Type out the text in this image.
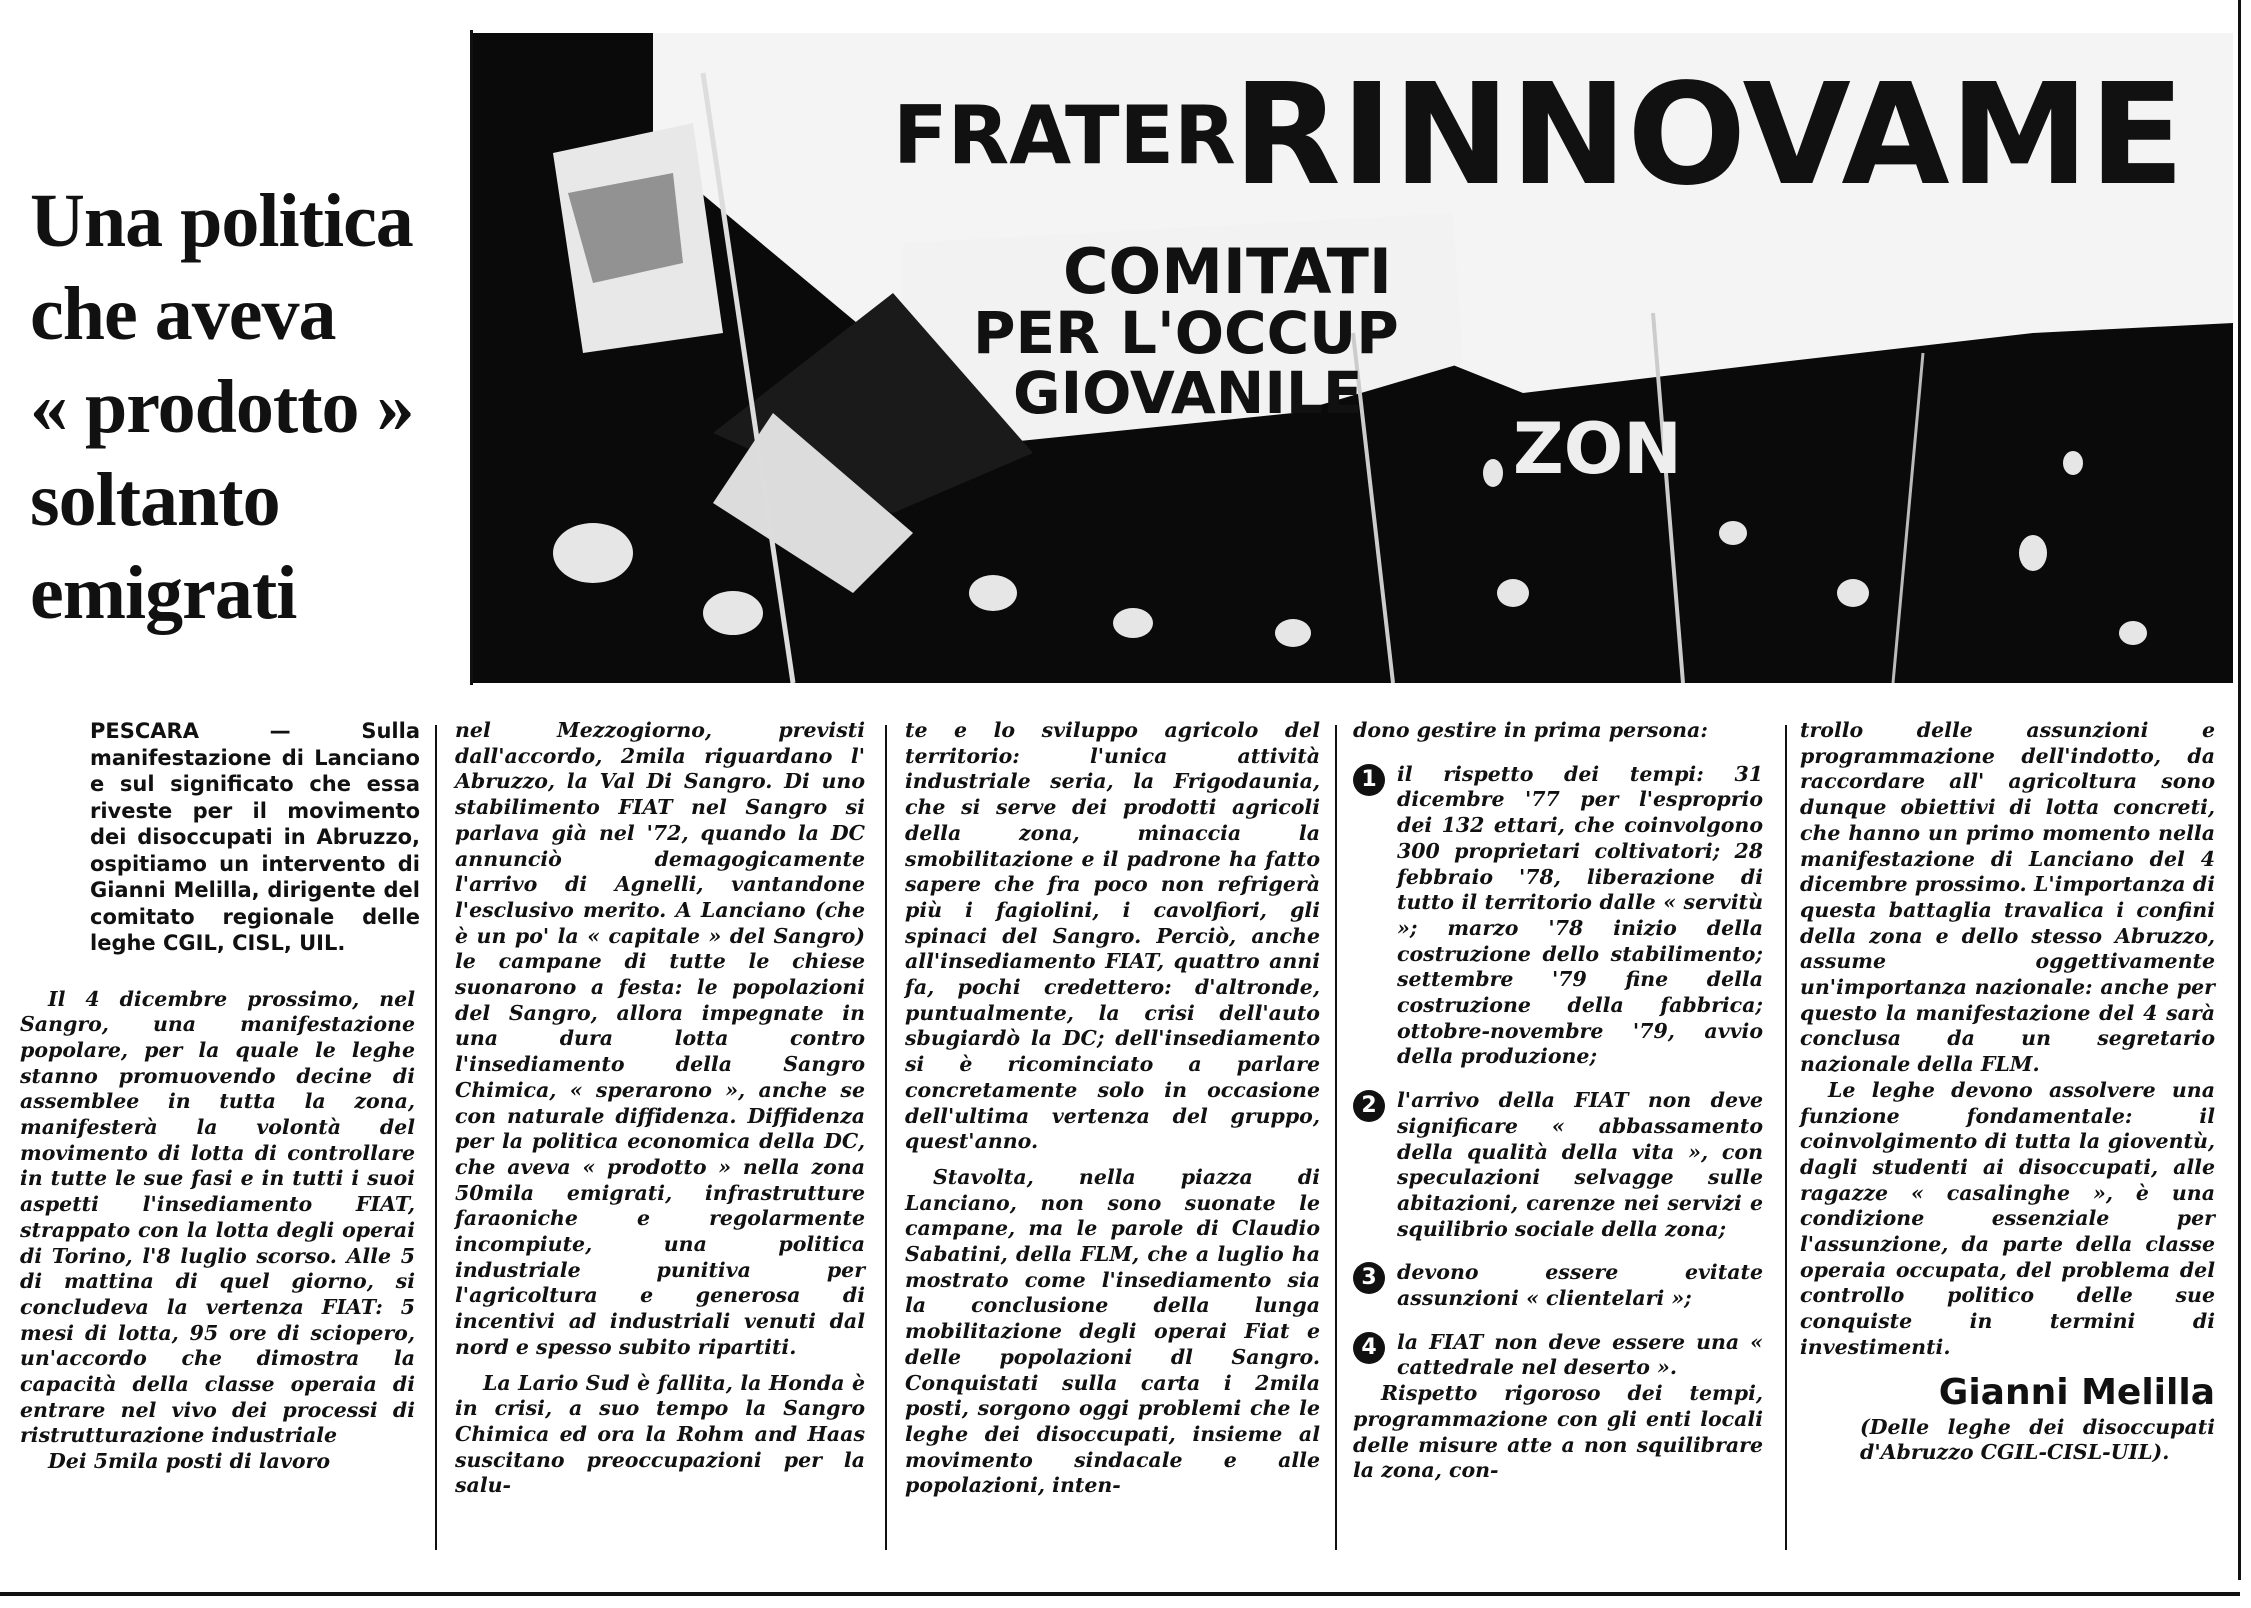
Una politica
che aveva
« prodotto »
soltanto
emigrati
FRATER
RINNOVAME
COMITATI
PER L'OCCUP
GIOVANILE
ZON

PESCARA — Sulla manifestazione di Lanciano e sul significato che essa riveste per il movimento dei disoccupati in Abruzzo, ospitiamo un intervento di Gianni Melilla, dirigente del comitato regionale delle leghe CGIL, CISL, UIL.

Il 4 dicembre prossimo, nel Sangro, una manifestazione popolare, per la quale le leghe stanno promuovendo decine di assemblee in tutta la zona, manifesterà la volontà del movimento di lotta di controllare in tutte le sue fasi e in tutti i suoi aspetti l'insediamento FIAT, strappato con la lotta degli operai di Torino, l'8 luglio scorso. Alle 5 di mattina di quel giorno, si concludeva la vertenza FIAT: 5 mesi di lotta, 95 ore di sciopero, un'accordo che dimostra la capacità della classe operaia di entrare nel vivo dei processi di ristrutturazione industriale

Dei 5mila posti di lavoro

nel Mezzogiorno, previsti dall'accordo, 2mila riguardano l' Abruzzo, la Val Di Sangro. Di uno stabilimento FIAT nel Sangro si parlava già nel '72, quando la DC annunciò demagogicamente l'arrivo di Agnelli, vantandone l'esclusivo merito. A Lanciano (che è un po' la « capitale » del Sangro) le campane di tutte le chiese suonarono a festa: le popolazioni del Sangro, allora impegnate in una dura lotta contro l'insediamento della Sangro Chimica, « sperarono », anche se con naturale diffidenza. Diffidenza per la politica economica della DC, che aveva « prodotto » nella zona 50mila emigrati, infrastrutture faraoniche e regolarmente incompiute, una politica industriale punitiva per l'agricoltura e generosa di incentivi ad industriali venuti dal nord e spesso subito ripartiti.

La Lario Sud è fallita, la Honda è in crisi, a suo tempo la Sangro Chimica ed ora la Rohm and Haas suscitano preoccupazioni per la salu-

te e lo sviluppo agricolo del territorio: l'unica attività industriale seria, la Frigodaunia, che si serve dei prodotti agricoli della zona, minaccia la smobilitazione e il padrone ha fatto sapere che fra poco non refrigerà più i fagiolini, i cavolfiori, gli spinaci del Sangro. Perciò, anche all'insediamento FIAT, quattro anni fa, pochi credettero: d'altronde, puntualmente, la crisi dell'auto sbugiardò la DC; dell'insediamento si è ricominciato a parlare concretamente solo in occasione dell'ultima vertenza del gruppo, quest'anno.

Stavolta, nella piazza di Lanciano, non sono suonate le campane, ma le parole di Claudio Sabatini, della FLM, che a luglio ha mostrato come l'insediamento sia la conclusione della lunga mobilitazione degli operai Fiat e delle popolazioni dl Sangro. Conquistati sulla carta i 2mila posti, sorgono oggi problemi che le leghe dei disoccupati, insieme al movimento sindacale e alle popolazioni, inten-

dono gestire in prima persona:

1 il rispetto dei tempi: 31 dicembre '77 per l'esproprio dei 132 ettari, che coinvolgono 300 proprietari coltivatori; 28 febbraio '78, liberazione di tutto il territorio dalle « servitù »; marzo '78 inizio della costruzione dello stabilimento; settembre '79 fine della costruzione della fabbrica; ottobre-novembre '79, avvio della produzione;
2 l'arrivo della FIAT non deve significare « abbassamento della qualità della vita », con speculazioni selvagge sulle abitazioni, carenze nei servizi e squilibrio sociale della zona;
3 devono essere evitate assunzioni « clientelari »;
4 la FIAT non deve essere una « cattedrale nel deserto ».

Rispetto rigoroso dei tempi, programmazione con gli enti locali delle misure atte a non squilibrare la zona, con-

trollo delle assunzioni e programmazione dell'indotto, da raccordare all' agricoltura sono dunque obiettivi di lotta concreti, che hanno un primo momento nella manifestazione di Lanciano del 4 dicembre prossimo. L'importanza di questa battaglia travalica i confini della zona e dello stesso Abruzzo, assume oggettivamente un'importanza nazionale: anche per questo la manifestazione del 4 sarà conclusa da un segretario nazionale della FLM.

Le leghe devono assolvere una funzione fondamentale: il coinvolgimento di tutta la gioventù, dagli studenti ai disoccupati, alle ragazze « casalinghe », è una condizione essenziale per l'assunzione, da parte della classe operaia occupata, del problema del controllo politico delle sue conquiste in termini di investimenti.

Gianni Melilla

(Delle leghe dei disoccupati d'Abruzzo CGIL-CISL-UIL).
